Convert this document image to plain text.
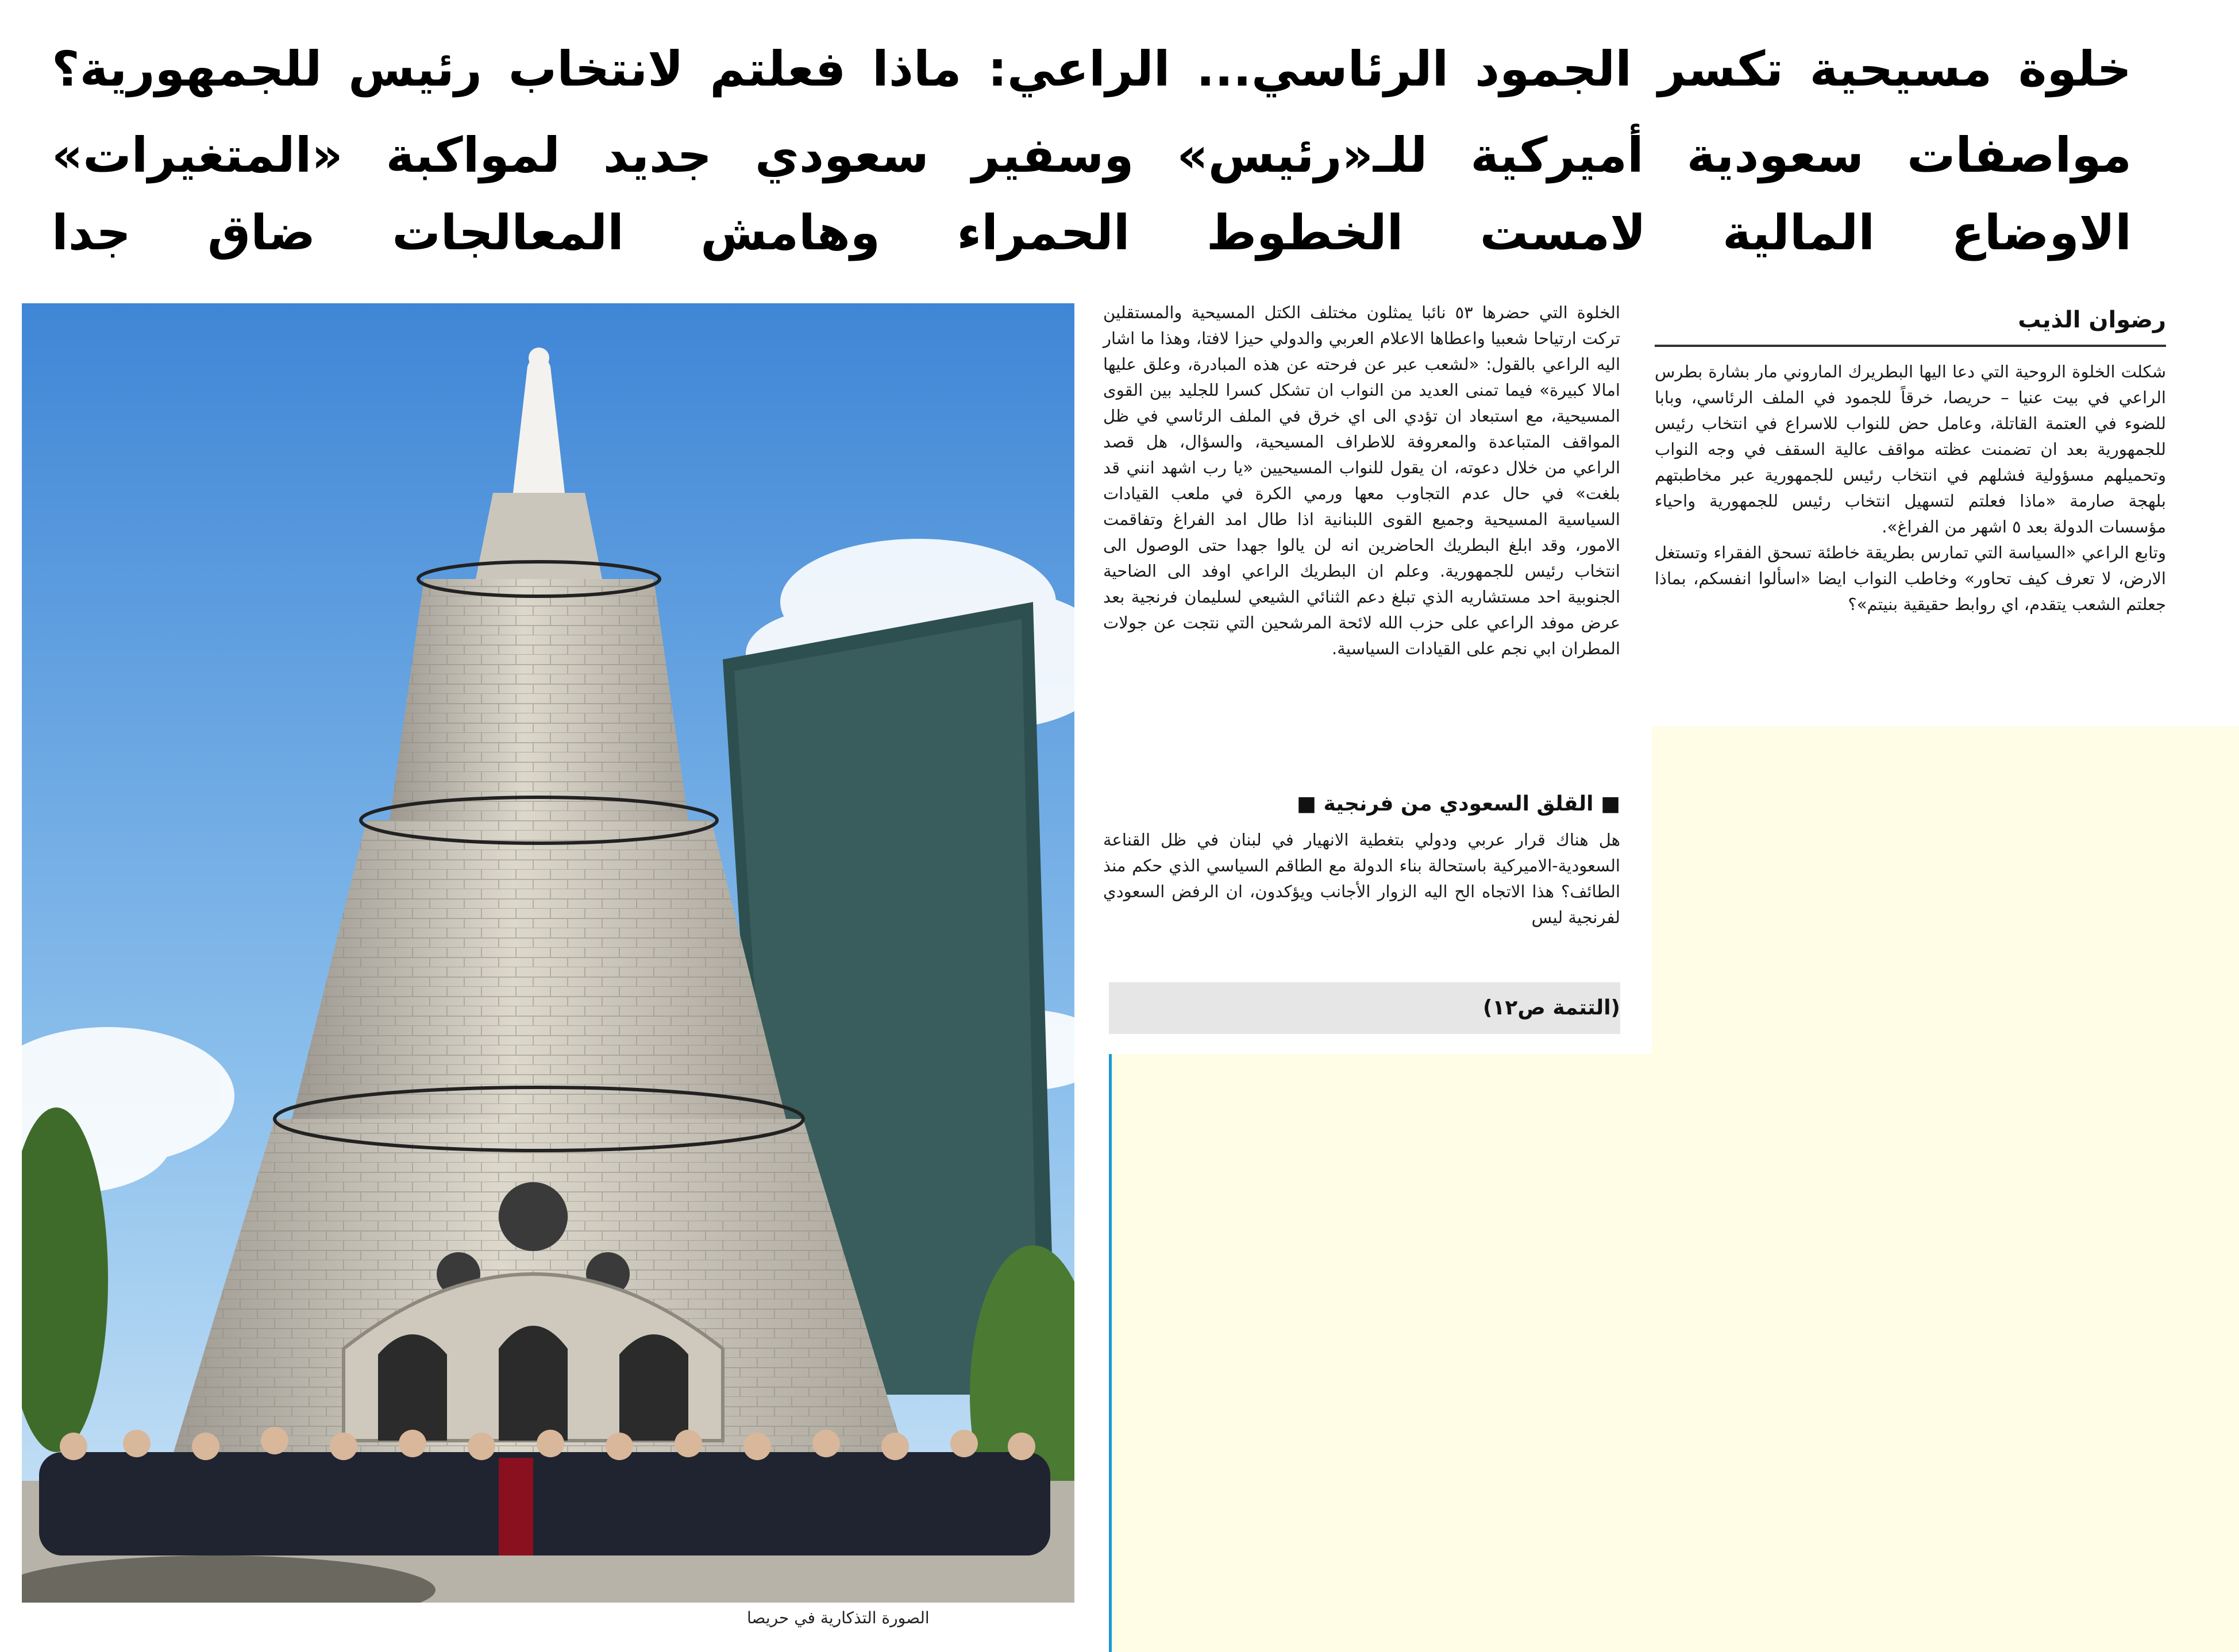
خلوة مسيحية تكسر الجمود الرئاسي... الراعي: ماذا فعلتم لانتخاب رئيس للجمهورية؟
مواصفات سعودية أميركية للـ«رئيس» وسفير سعودي جديد لمواكبة «المتغيرات»
الاوضاع المالية لامست الخطوط الحمراء وهامش المعالجات ضاق جدا
رضوان الذيب

شكلت الخلوة الروحية التي دعا اليها البطريرك الماروني مار بشارة بطرس الراعي في بيت عنيا – حريصا، خرقاً للجمود في الملف الرئاسي، وبابا للضوء في العتمة القاتلة، وعامل حض للنواب للاسراع في انتخاب رئيس للجمهورية بعد ان تضمنت عظته مواقف عالية السقف في وجه النواب وتحميلهم مسؤولية فشلهم في انتخاب رئيس للجمهورية عبر مخاطبتهم بلهجة صارمة «ماذا فعلتم لتسهيل انتخاب رئيس للجمهورية واحياء مؤسسات الدولة بعد ٥ اشهر من الفراغ».

وتابع الراعي «السياسة التي تمارس بطريقة خاطئة تسحق الفقراء وتستغل الارض، لا تعرف كيف تحاور» وخاطب النواب ايضا «اسألوا انفسكم، بماذا جعلتم الشعب يتقدم، اي روابط حقيقية بنيتم»؟

الخلوة التي حضرها ٥٣ نائبا يمثلون مختلف الكتل المسيحية والمستقلين تركت ارتياحا شعبيا واعطاها الاعلام العربي والدولي حيزا لافتا، وهذا ما اشار اليه الراعي بالقول: «لشعب عبر عن فرحته عن هذه المبادرة، وعلق عليها امالا كبيرة» فيما تمنى العديد من النواب ان تشكل كسرا للجليد بين القوى المسيحية، مع استبعاد ان تؤدي الى اي خرق في الملف الرئاسي في ظل المواقف المتباعدة والمعروفة للاطراف المسيحية، والسؤال، هل قصد الراعي من خلال دعوته، ان يقول للنواب المسيحيين «يا رب اشهد انني قد بلغت» في حال عدم التجاوب معها ورمي الكرة في ملعب القيادات السياسية المسيحية وجميع القوى اللبنانية اذا طال امد الفراغ وتفاقمت الامور، وقد ابلغ البطريك الحاضرين انه لن يالوا جهدا حتى الوصول الى انتخاب رئيس للجمهورية. وعلم ان البطريك الراعي اوفد الى الضاحية الجنوبية احد مستشاريه الذي تبلغ دعم الثنائي الشيعي لسليمان فرنجية بعد عرض موفد الراعي على حزب الله لائحة المرشحين التي نتجت عن جولات المطران ابي نجم على القيادات السياسية.

■ القلق السعودي من فرنجية ■

هل هناك قرار عربي ودولي بتغطية الانهيار في لبنان في ظل القناعة السعودية-الاميركية باستحالة بناء الدولة مع الطاقم السياسي الذي حكم منذ الطائف؟ هذا الاتجاه الح اليه الزوار الأجانب ويؤكدون، ان الرفض السعودي لفرنجية ليس

(التتمة ص١٢)
الصورة التذكارية في حريصا
